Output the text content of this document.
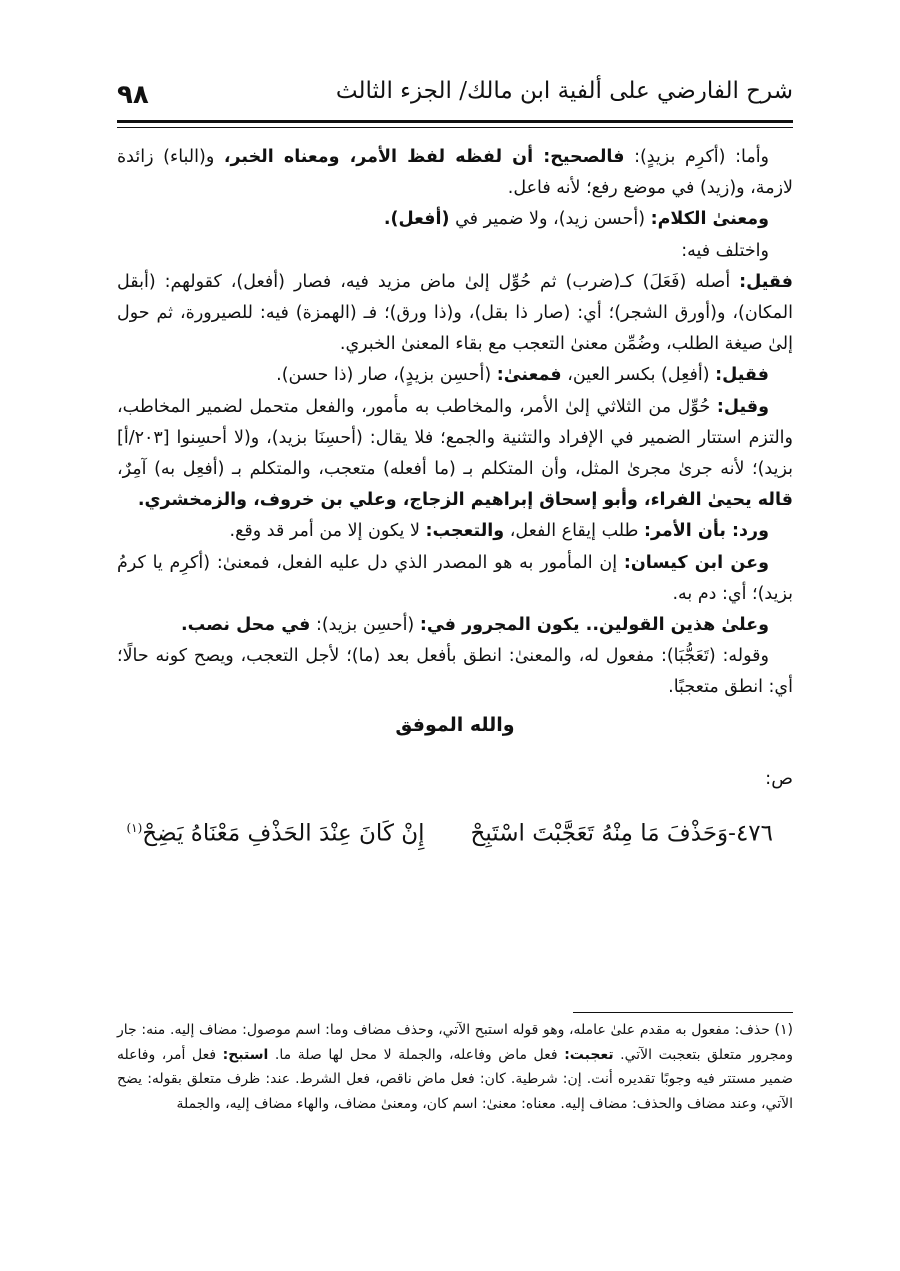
٩٨	شرح الفارضي على ألفية ابن مالك/ الجزء الثالث

وأما: (أكرِم بزيدٍ): فالصحيح: أن لفظه لفظ الأمر، ومعناه الخبر، و(الباء) زائدة لازمة، و(زيد) في موضع رفع؛ لأنه فاعل.

ومعنىٰ الكلام: (أحسن زيد)، ولا ضمير في (أفعل).

واختلف فيه:

فقيل: أصله (فَعَلَ) كـ(ضرب) ثم حُوِّل إلىٰ ماض مزيد فيه، فصار (أفعل)، كقولهم: (أبقل المكان)، و(أورق الشجر)؛ أي: (صار ذا بقل)، و(ذا ورق)؛ فـ (الهمزة) فيه: للصيرورة، ثم حول إلىٰ صيغة الطلب، وضُمِّن معنىٰ التعجب مع بقاء المعنىٰ الخبري.

فقيل: (أفعِل) بكسر العين، فمعنىٰ: (أحسِن بزيدٍ)، صار (ذا حسن).

وقيل: حُوِّل من الثلاثي إلىٰ الأمر، والمخاطب به مأمور، والفعل متحمل لضمير المخاطب، والتزم استتار الضمير في الإفراد والتثنية والجمع؛ فلا يقال: (أحسِنَا بزيد)، و(لا أحسِنوا [٢٠٣/أ] بزيد)؛ لأنه جرىٰ مجرىٰ المثل، وأن المتكلم بـ (ما أفعله) متعجب، والمتكلم بـ (أفعِل به) آمِرٌ، قاله يحيىٰ الفراء، وأبو إسحاق إبراهيم الزجاج، وعلي بن خروف، والزمخشري.

ورد: بأن الأمر: طلب إيقاع الفعل، والتعجب: لا يكون إلا من أمر قد وقع.

وعن ابن كيسان: إن المأمور به هو المصدر الذي دل عليه الفعل، فمعنىٰ: (أكرِم يا كرمُ بزيد)؛ أي: دم به.

وعلىٰ هذين القولين.. يكون المجرور في: (أحسِن بزيد): في محل نصب.

وقوله: (تَعَجُّبَا): مفعول له، والمعنىٰ: انطق بأفعل بعد (ما)؛ لأجل التعجب، ويصح كونه حالًا؛ أي: انطق متعجبًا.

والله الموفق

ص:

٤٧٦-وَحَذْفَ مَا مِنْهُ تَعَجَّبْتَ اسْتَبِحْإِنْ كَانَ عِنْدَ الحَذْفِ مَعْنَاهُ يَضِحْ$^{(١)}$

(١) حذف: مفعول به مقدم علىٰ عامله، وهو قوله استبح الآتي، وحذف مضاف وما: اسم موصول: مضاف إليه. منه: جار ومجرور متعلق بتعجبت الآتي. تعجبت: فعل ماض وفاعله، والجملة لا محل لها صلة ما. استبح: فعل أمر، وفاعله ضمير مستتر فيه وجوبًا تقديره أنت. إن: شرطية. كان: فعل ماض ناقص، فعل الشرط. عند: ظرف متعلق بقوله: يضح الآتي، وعند مضاف والحذف: مضاف إليه. معناه: معنىٰ: اسم كان، ومعنىٰ مضاف، والهاء مضاف إليه، والجملة
